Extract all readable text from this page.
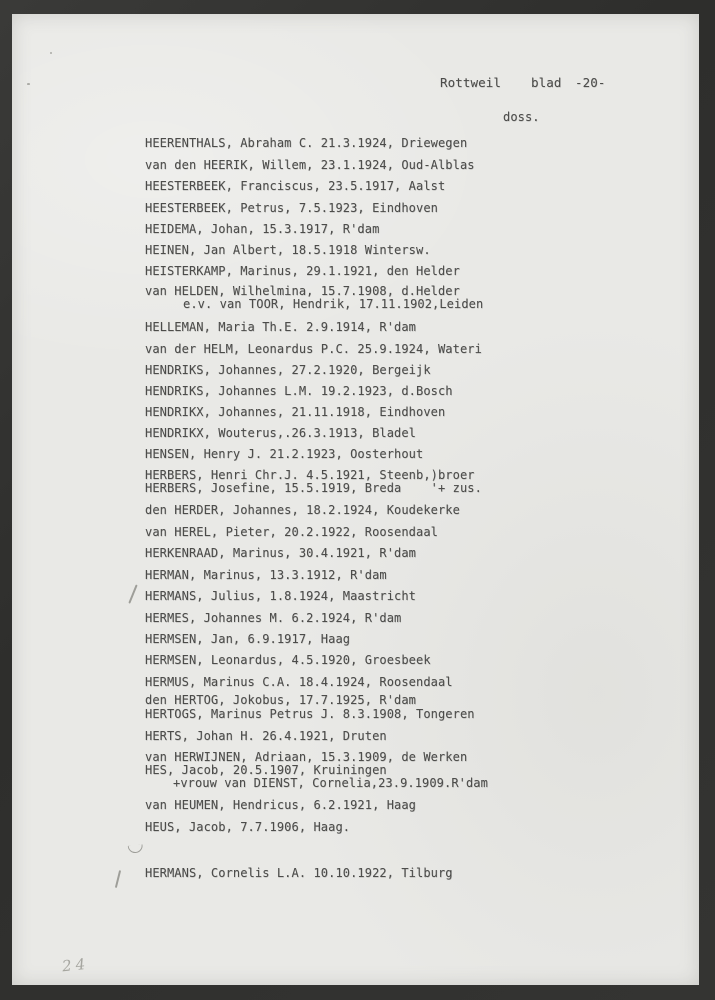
Rottweil blad -20-
doss.
HEERENTHALS, Abraham C. 21.3.1924, Driewegen
van den HEERIK, Willem, 23.1.1924, Oud-Alblas
HEESTERBEEK, Franciscus, 23.5.1917, Aalst
HEESTERBEEK, Petrus, 7.5.1923, Eindhoven
HEIDEMA, Johan, 15.3.1917, R'dam
HEINEN, Jan Albert, 18.5.1918 Wintersw.
HEISTERKAMP, Marinus, 29.1.1921, den Helder
van HELDEN, Wilhelmina, 15.7.1908, d.Helder
e.v. van TOOR, Hendrik, 17.11.1902,Leiden
HELLEMAN, Maria Th.E. 2.9.1914, R'dam
van der HELM, Leonardus P.C. 25.9.1924, Wateri
HENDRIKS, Johannes, 27.2.1920, Bergeijk
HENDRIKS, Johannes L.M. 19.2.1923, d.Bosch
HENDRIKX, Johannes, 21.11.1918, Eindhoven
HENDRIKX, Wouterus,.26.3.1913, Bladel
HENSEN, Henry J. 21.2.1923, Oosterhout
HERBERS, Henri Chr.J. 4.5.1921, Steenb,)broer
HERBERS, Josefine, 15.5.1919, Breda    '+ zus.
den HERDER, Johannes, 18.2.1924, Koudekerke
van HEREL, Pieter, 20.2.1922, Roosendaal
HERKENRAAD, Marinus, 30.4.1921, R'dam
HERMAN, Marinus, 13.3.1912, R'dam
HERMANS, Julius, 1.8.1924, Maastricht
HERMES, Johannes M. 6.2.1924, R'dam
HERMSEN, Jan, 6.9.1917, Haag
HERMSEN, Leonardus, 4.5.1920, Groesbeek
HERMUS, Marinus C.A. 18.4.1924, Roosendaal
den HERTOG, Jokobus, 17.7.1925, R'dam
HERTOGS, Marinus Petrus J. 8.3.1908, Tongeren
HERTS, Johan H. 26.4.1921, Druten
van HERWIJNEN, Adriaan, 15.3.1909, de Werken
HES, Jacob, 20.5.1907, Kruiningen
+vrouw van DIENST, Cornelia,23.9.1909.R'dam
van HEUMEN, Hendricus, 6.2.1921, Haag
HEUS, Jacob, 7.7.1906, Haag.
HERMANS, Cornelis L.A. 10.10.1922, Tilburg
24
